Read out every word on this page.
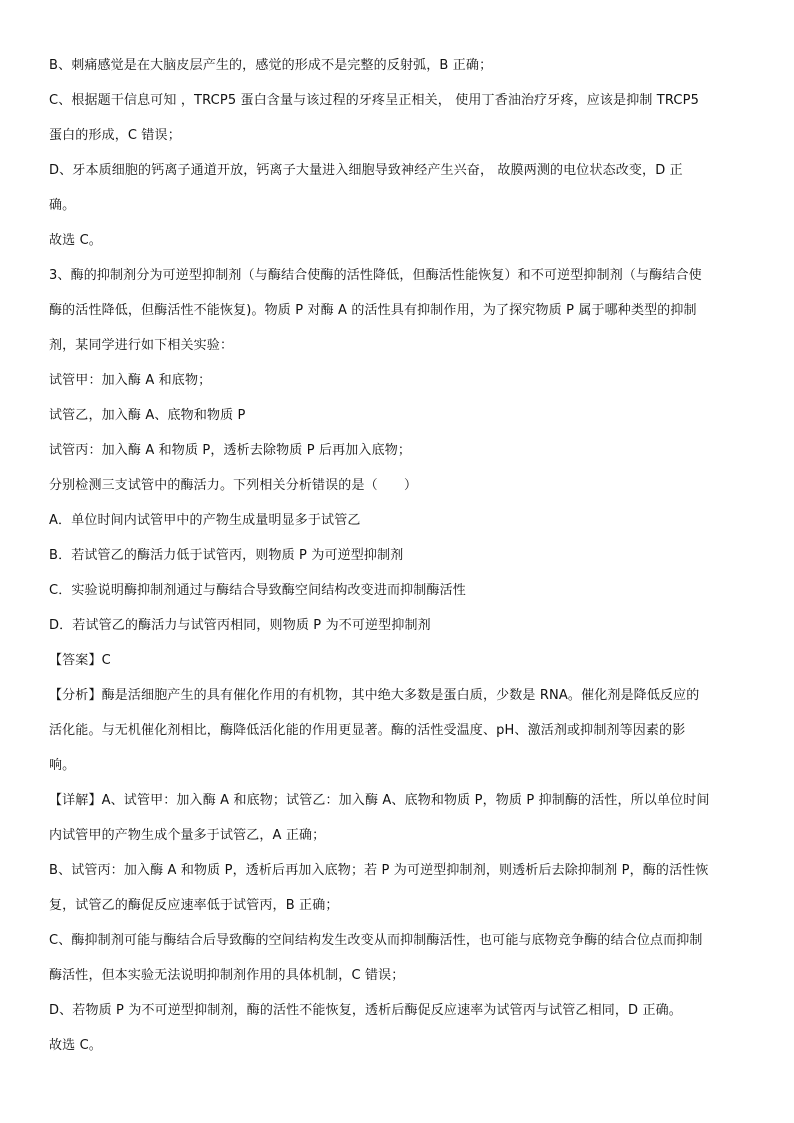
B、刺痛感觉是在大脑皮层产生的，感觉的形成不是完整的反射弧，B 正确；
C、根据题干信息可知 ，TRCP5 蛋白含量与该过程的牙疼呈正相关， 使用丁香油治疗牙疼，应该是抑制 TRCP5
蛋白的形成，C 错误；
D、牙本质细胞的钙离子通道开放，钙离子大量进入细胞导致神经产生兴奋， 故膜两测的电位状态改变，D 正
确。
故选 C。
3、酶的抑制剂分为可逆型抑制剂（与酶结合使酶的活性降低，但酶活性能恢复）和不可逆型抑制剂（与酶结合使
酶的活性降低，但酶活性不能恢复)。物质 P 对酶 A 的活性具有抑制作用，为了探究物质 P 属于哪种类型的抑制
剂，某同学进行如下相关实验：
试管甲：加入酶 A 和底物；
试管乙，加入酶 A、底物和物质 P
试管丙：加入酶 A 和物质 P，透析去除物质 P 后再加入底物；
分别检测三支试管中的酶活力。下列相关分析错误的是（　　）
A．单位时间内试管甲中的产物生成量明显多于试管乙
B．若试管乙的酶活力低于试管丙，则物质 P 为可逆型抑制剂
C．实验说明酶抑制剂通过与酶结合导致酶空间结构改变进而抑制酶活性
D．若试管乙的酶活力与试管丙相同，则物质 P 为不可逆型抑制剂
【答案】C
【分析】酶是活细胞产生的具有催化作用的有机物，其中绝大多数是蛋白质，少数是 RNA。催化剂是降低反应的
活化能。与无机催化剂相比，酶降低活化能的作用更显著。酶的活性受温度、pH、激活剂或抑制剂等因素的影
响。
【详解】A、试管甲：加入酶 A 和底物；试管乙：加入酶 A、底物和物质 P，物质 P 抑制酶的活性，所以单位时间
内试管甲的产物生成个量多于试管乙，A 正确；
B、试管丙：加入酶 A 和物质 P，透析后再加入底物；若 P 为可逆型抑制剂，则透析后去除抑制剂 P，酶的活性恢
复，试管乙的酶促反应速率低于试管丙，B 正确；
C、酶抑制剂可能与酶结合后导致酶的空间结构发生改变从而抑制酶活性，也可能与底物竞争酶的结合位点而抑制
酶活性，但本实验无法说明抑制剂作用的具体机制，C 错误；
D、若物质 P 为不可逆型抑制剂，酶的活性不能恢复，透析后酶促反应速率为试管丙与试管乙相同，D 正确。
故选 C。
